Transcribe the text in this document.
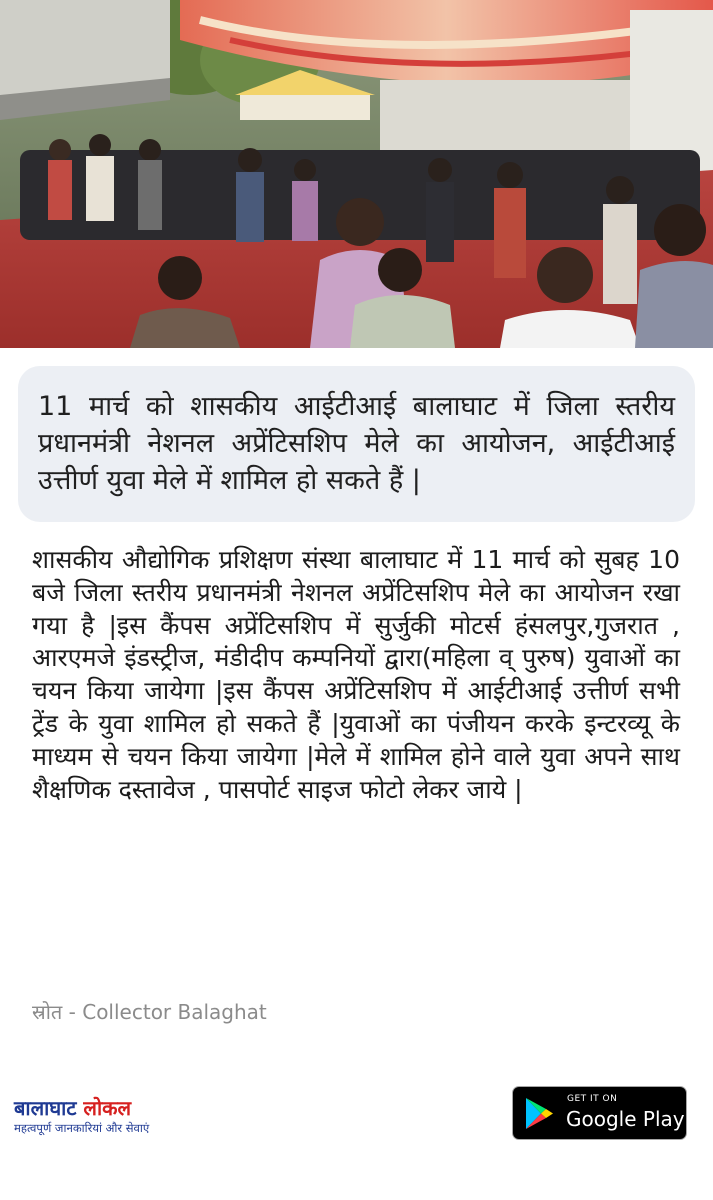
11 मार्च को शासकीय आईटीआई बालाघाट में जिला स्तरीय प्रधानमंत्री नेशनल अप्रेंटिसशिप मेले का आयोजन, आईटीआई उत्तीर्ण युवा मेले में शामिल हो सकते हैं |

शासकीय औद्योगिक प्रशिक्षण संस्था बालाघाट में 11 मार्च को सुबह 10 बजे जिला स्तरीय प्रधानमंत्री नेशनल अप्रेंटिसशिप मेले का आयोजन रखा गया है |इस कैंपस अप्रेंटिसशिप में सुर्जुकी मोटर्स हंसलपुर,गुजरात , आरएमजे इंडस्ट्रीज, मंडीदीप कम्पनियों द्वारा(महिला व् पुरुष) युवाओं का चयन किया जायेगा |इस कैंपस अप्रेंटिसशिप में आईटीआई उत्तीर्ण सभी ट्रेंड के युवा शामिल हो सकते हैं |युवाओं का पंजीयन करके इन्टरव्यू के माध्यम से चयन किया जायेगा |मेले में शामिल होने वाले युवा अपने साथ शैक्षणिक दस्तावेज , पासपोर्ट साइज फोटो लेकर जाये |

स्रोत - Collector Balaghat
बालाघाट लोकल
महत्वपूर्ण जानकारियां और सेवाएं
GET IT ON
Google Play
